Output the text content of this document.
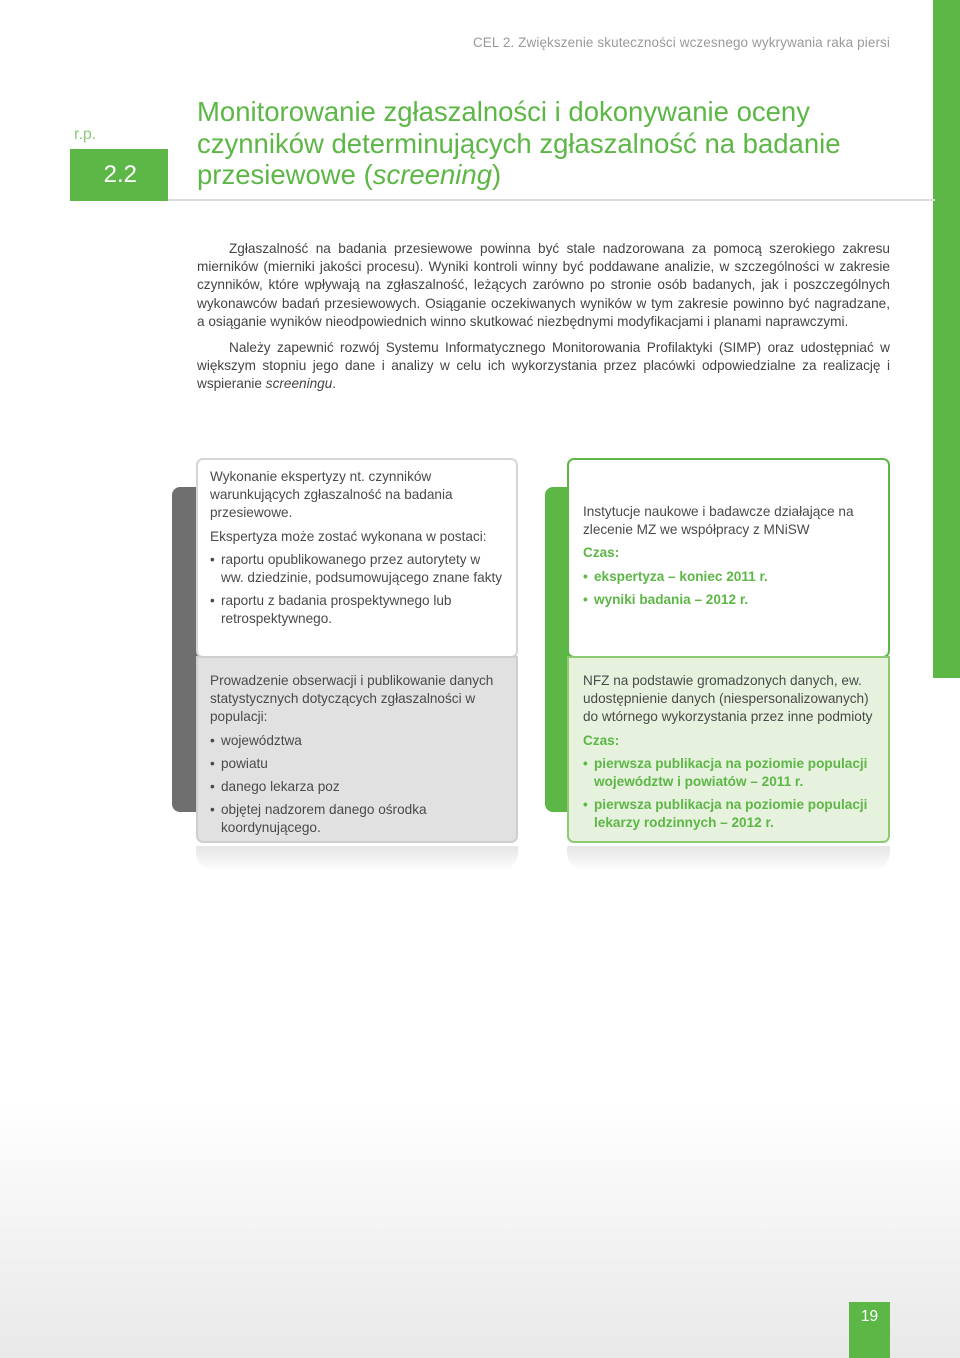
CEL 2. Zwiększenie skuteczności wczesnego wykrywania raka piersi
r.p.
2.2
Monitorowanie zgłaszalności i dokonywanie oceny
czynników determinujących zgłaszalność na badanie
przesiewowe (screening)

Zgłaszalność na badania przesiewowe powinna być stale nadzorowana za pomocą szerokiego zakresu mierników (mierniki jakości procesu). Wyniki kontroli winny być poddawane analizie, w szczególności w zakresie czynników, które wpływają na zgłaszalność, leżących zarówno po stronie osób badanych, jak i poszczególnych wykonawców badań przesiewowych. Osiąganie oczekiwanych wyników w tym zakresie powinno być nagradzane, a osiąganie wyników nieodpowiednich winno skutkować niezbędnymi modyfikacjami i planami naprawczymi.

Należy zapewnić rozwój Systemu Informatycznego Monitorowania Profilaktyki (SIMP) oraz udostępniać w większym stopniu jego dane i analizy w celu ich wykorzystania przez placówki odpowiedzialne za realizację i wspieranie screeningu.

Formy działania	Kluczowa rola / Harmonogram

Wykonanie ekspertyzy nt. czynników warunkujących zgłaszalność na badania przesiewowe.

Ekspertyza może zostać wykonana w postaci:

• raportu opublikowanego przez autorytety w ww. dziedzinie, podsumowującego znane fakty
• raportu z badania prospektywnego lub retrospektywnego.

Prowadzenie obserwacji i publikowanie danych statystycznych dotyczących zgłaszalności w populacji:

• województwa
• powiatu
• danego lekarza poz
• objętej nadzorem danego ośrodka koordynującego.

Instytucje naukowe i badawcze działające na zlecenie MZ we współpracy z MNiSW

Czas:

• ekspertyza – koniec 2011 r.
• wyniki badania – 2012 r.

NFZ na podstawie gromadzonych danych, ew. udostępnienie danych (niespersonalizowanych) do wtórnego wykorzystania przez inne podmioty

Czas:

• pierwsza publikacja na poziomie populacji województw i powiatów – 2011 r.
• pierwsza publikacja na poziomie populacji lekarzy rodzinnych – 2012 r.
19
